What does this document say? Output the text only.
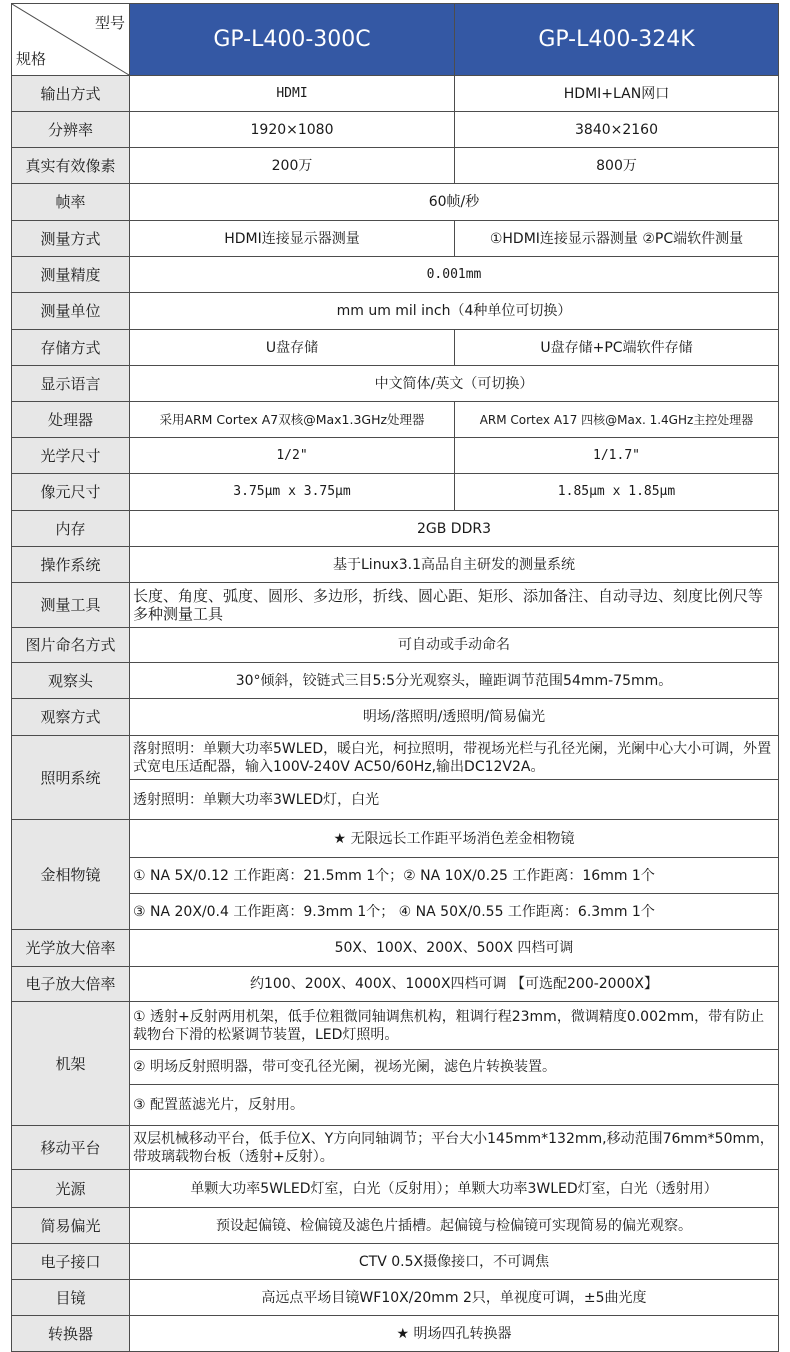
型号
规格	GP-L400-300C	GP-L400-324K
输出方式	HDMI	HDMI+LAN网口
分辨率	1920×1080	3840×2160
真实有效像素	200万	800万
帧率	60帧/秒	
测量方式	HDMI连接显示器测量	①HDMI连接显示器测量 ②PC端软件测量
测量精度	0.001mm	
测量单位	mm um mil inch（4种单位可切换）	
存储方式	U盘存储	U盘存储+PC端软件存储
显示语言	中文简体/英文（可切换）	
处理器	采用ARM Cortex A7双核@Max1.3GHz处理器	ARM Cortex A17 四核@Max. 1.4GHz主控处理器
光学尺寸	1/2"	1/1.7"
像元尺寸	3.75µm x 3.75µm	1.85µm x 1.85µm
内存	2GB DDR3	
操作系统	基于Linux3.1高品自主研发的测量系统	
测量工具	长度、角度、弧度、圆形、多边形，折线、圆心距、矩形、添加备注、自动寻边、刻度比例尺等多种测量工具	
图片命名方式	可自动或手动命名	
观察头	30°倾斜，铰链式三目5:5分光观察头，瞳距调节范围54mm-75mm。	
观察方式	明场/落照明/透照明/简易偏光	
照明系统	落射照明：单颗大功率5WLED，暖白光，柯拉照明，带视场光栏与孔径光阑，光阑中心大小可调，外置式宽电压适配器，输入100V-240V AC50/60Hz,输出DC12V2A。	
	透射照明：单颗大功率3WLED灯，白光	
金相物镜	★ 无限远长工作距平场消色差金相物镜	
	① NA 5X/0.12 工作距离：21.5mm 1个；② NA 10X/0.25 工作距离：16mm 1个	
	③ NA 20X/0.4 工作距离：9.3mm 1个； ④ NA 50X/0.55 工作距离：6.3mm 1个	
光学放大倍率	50X、100X、200X、500X 四档可调	
电子放大倍率	约100、200X、400X、1000X四档可调 【可选配200-2000X】	
机架	① 透射+反射两用机架，低手位粗微同轴调焦机构，粗调行程23mm，微调精度0.002mm，带有防止载物台下滑的松紧调节装置，LED灯照明。	
	② 明场反射照明器，带可变孔径光阑，视场光阑，滤色片转换装置。	
	③ 配置蓝滤光片，反射用。	
移动平台	双层机械移动平台，低手位X、Y方向同轴调节；平台大小145mm*132mm,移动范围76mm*50mm，带玻璃载物台板（透射+反射）。	
光源	单颗大功率5WLED灯室，白光（反射用）；单颗大功率3WLED灯室，白光（透射用）	
简易偏光	预设起偏镜、检偏镜及滤色片插槽。起偏镜与检偏镜可实现简易的偏光观察。	
电子接口	CTV 0.5X摄像接口，不可调焦	
目镜	高远点平场目镜WF10X/20mm 2只，单视度可调，±5曲光度	
转换器	★ 明场四孔转换器	
